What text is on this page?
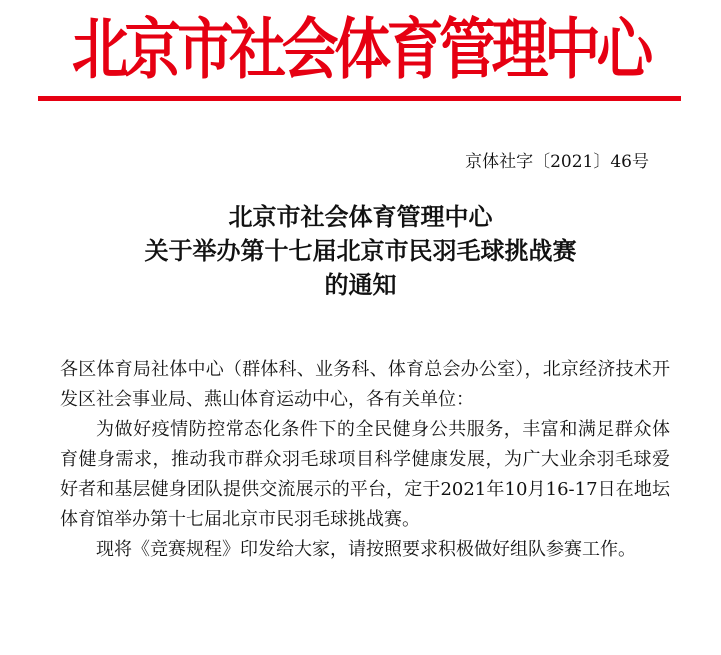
北京市社会体育管理中心
京体社字〔2021〕46号
北京市社会体育管理中心
关于举办第十七届北京市民羽毛球挑战赛
的通知

各区体育局社体中心（群体科、业务科、体育总会办公室），北京经济技术开发区社会事业局、燕山体育运动中心，各有关单位：

为做好疫情防控常态化条件下的全民健身公共服务，丰富和满足群众体育健身需求，推动我市群众羽毛球项目科学健康发展，为广大业余羽毛球爱好者和基层健身团队提供交流展示的平台，定于2021年10月16-17日在地坛体育馆举办第十七届北京市民羽毛球挑战赛。

现将《竞赛规程》印发给大家，请按照要求积极做好组队参赛工作。
